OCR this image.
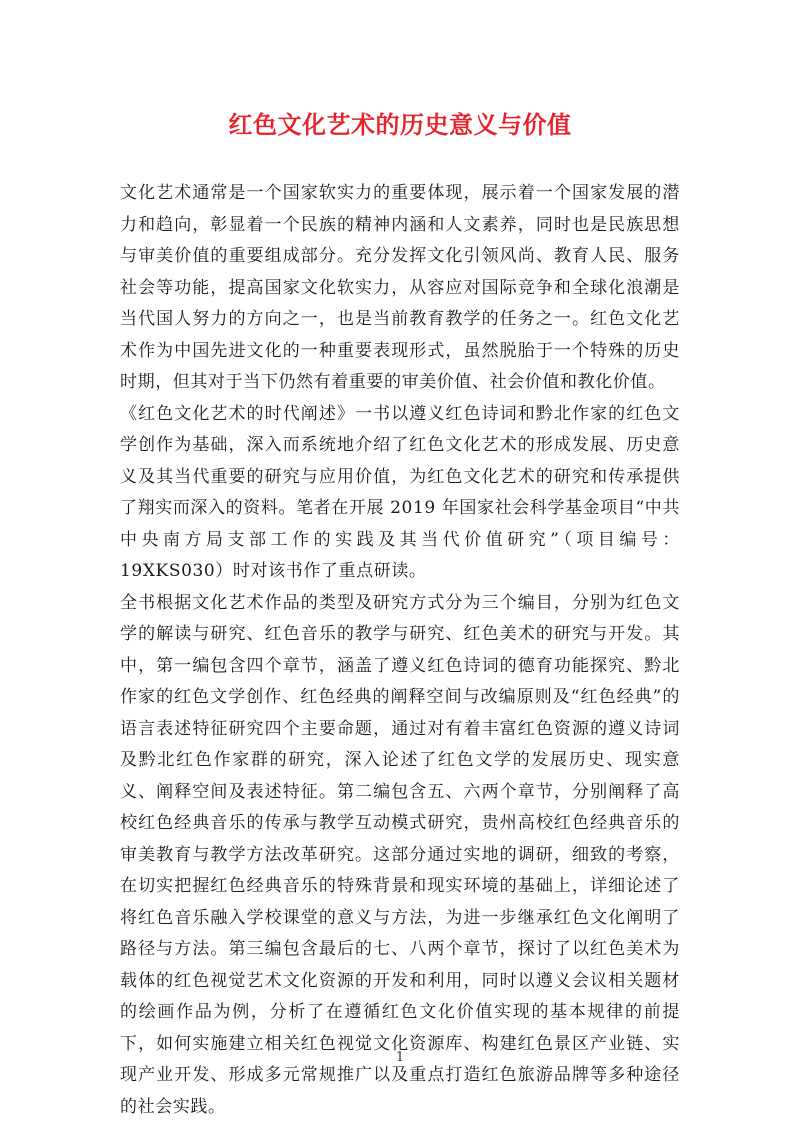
红色文化艺术的历史意义与价值

文化艺术通常是一个国家软实力的重要体现，展示着一个国家发展的潜力和趋向，彰显着一个民族的精神内涵和人文素养，同时也是民族思想与审美价值的重要组成部分。充分发挥文化引领风尚、教育人民、服务社会等功能，提高国家文化软实力，从容应对国际竞争和全球化浪潮是当代国人努力的方向之一，也是当前教育教学的任务之一。红色文化艺术作为中国先进文化的一种重要表现形式，虽然脱胎于一个特殊的历史时期，但其对于当下仍然有着重要的审美价值、社会价值和教化价值。

《红色文化艺术的时代阐述》一书以遵义红色诗词和黔北作家的红色文学创作为基础，深入而系统地介绍了红色文化艺术的形成发展、历史意义及其当代重要的研究与应用价值，为红色文化艺术的研究和传承提供了翔实而深入的资料。笔者在开展 2019 年国家社会科学基金项目“中共中央南方局支部工作的实践及其当代价值研究”（项目编号：19XKS030）时对该书作了重点研读。

全书根据文化艺术作品的类型及研究方式分为三个编目，分别为红色文学的解读与研究、红色音乐的教学与研究、红色美术的研究与开发。其中，第一编包含四个章节，涵盖了遵义红色诗词的德育功能探究、黔北作家的红色文学创作、红色经典的阐释空间与改编原则及“红色经典”的语言表述特征研究四个主要命题，通过对有着丰富红色资源的遵义诗词及黔北红色作家群的研究，深入论述了红色文学的发展历史、现实意义、阐释空间及表述特征。第二编包含五、六两个章节，分别阐释了高校红色经典音乐的传承与教学互动模式研究，贵州高校红色经典音乐的审美教育与教学方法改革研究。这部分通过实地的调研，细致的考察，在切实把握红色经典音乐的特殊背景和现实环境的基础上，详细论述了将红色音乐融入学校课堂的意义与方法，为进一步继承红色文化阐明了路径与方法。第三编包含最后的七、八两个章节，探讨了以红色美术为载体的红色视觉艺术文化资源的开发和利用，同时以遵义会议相关题材的绘画作品为例，分析了在遵循红色文化价值实现的基本规律的前提下，如何实施建立相关红色视觉文化资源库、构建红色景区产业链、实现产业开发、形成多元常规推广以及重点打造红色旅游品牌等多种途径的社会实践。

1
